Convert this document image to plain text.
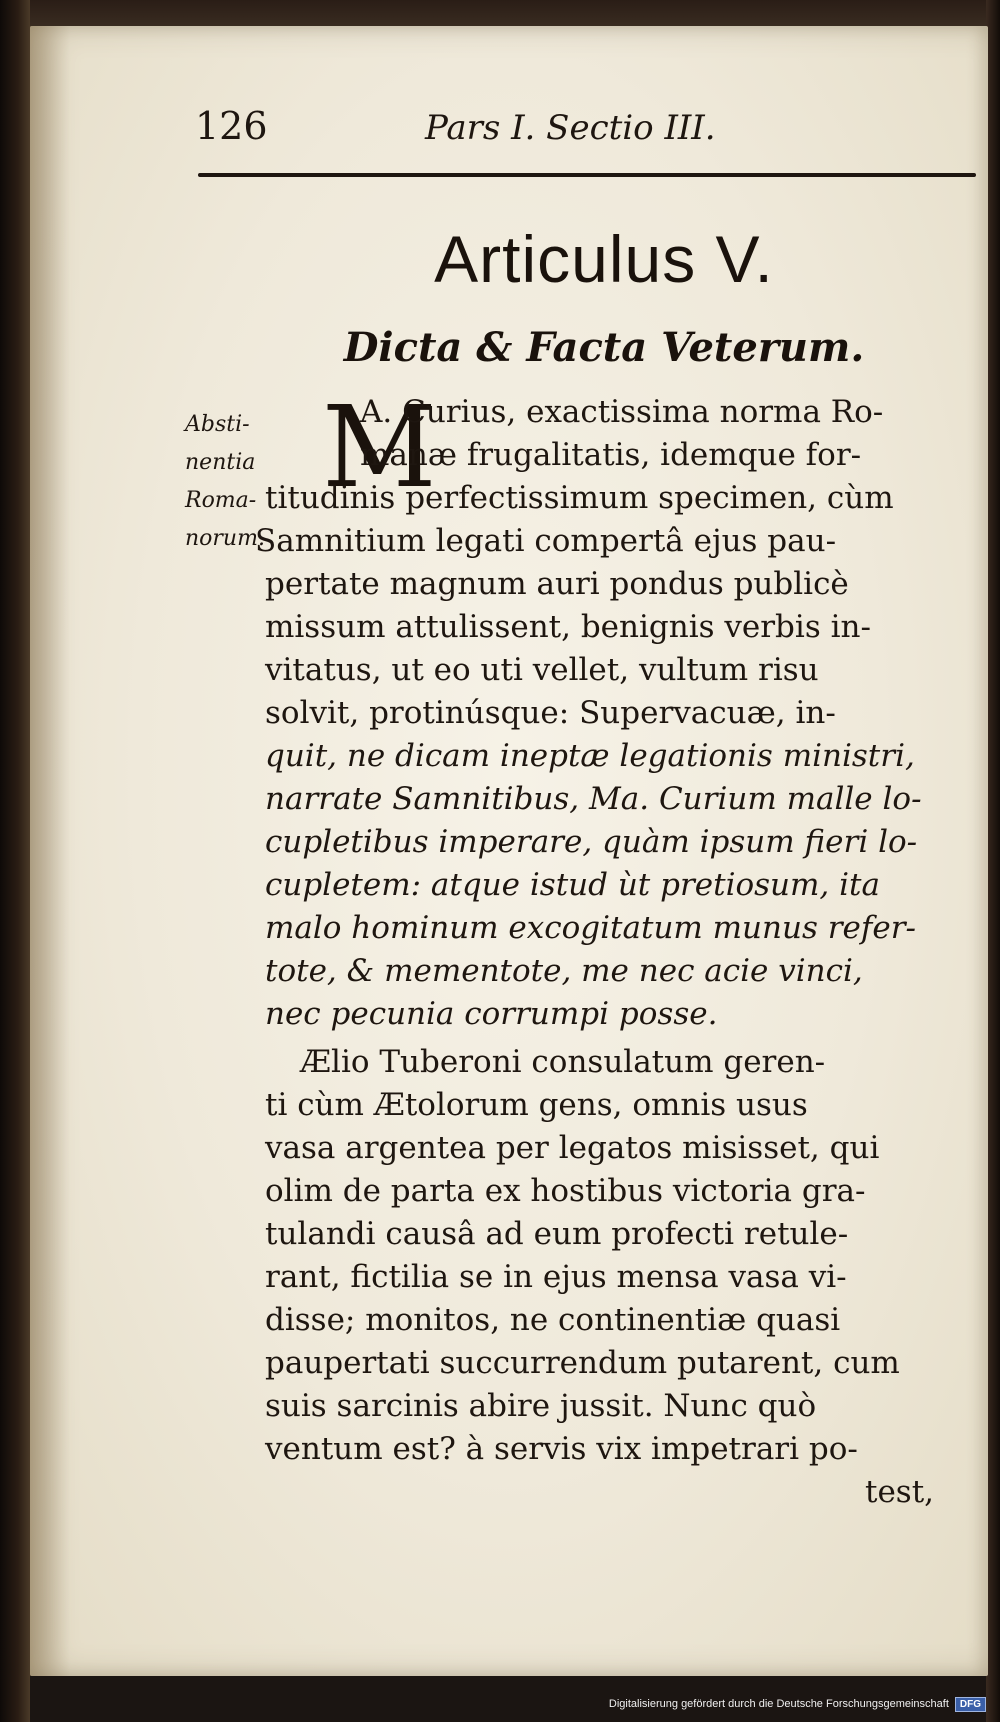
126	Pars I. Sectio III.
Articulus V.
Dicta & Facta Veterum.
Absti-
nentia
Roma-
norum.
M
A. Curius, exactissima norma Ro-
manæ frugalitatis, idemque for-
titudinis perfectissimum specimen, cùm
Samnitium legati compertâ ejus pau-
pertate magnum auri pondus publicè
missum attulissent, benignis verbis in-
vitatus, ut eo uti vellet, vultum risu
solvit, protinúsque: Supervacuæ, in-
quit, ne dicam ineptæ legationis ministri,
narrate Samnitibus, Ma. Curium malle lo-
cupletibus imperare, quàm ipsum fieri lo-
cupletem: atque istud ùt pretiosum, ita
malo hominum excogitatum munus refer-
tote, & mementote, me nec acie vinci,
nec pecunia corrumpi posse.
Ælio Tuberoni consulatum geren-
ti cùm Ætolorum gens, omnis usus
vasa argentea per legatos misisset, qui
olim de parta ex hostibus victoria gra-
tulandi causâ ad eum profecti retule-
rant, fictilia se in ejus mensa vasa vi-
disse; monitos, ne continentiæ quasi
paupertati succurrendum putarent, cum
suis sarcinis abire jussit. Nunc quò
ventum est? à servis vix impetrari po-
test,
Digitalisierung gefördert durch die Deutsche Forschungsgemeinschaft	DFG
